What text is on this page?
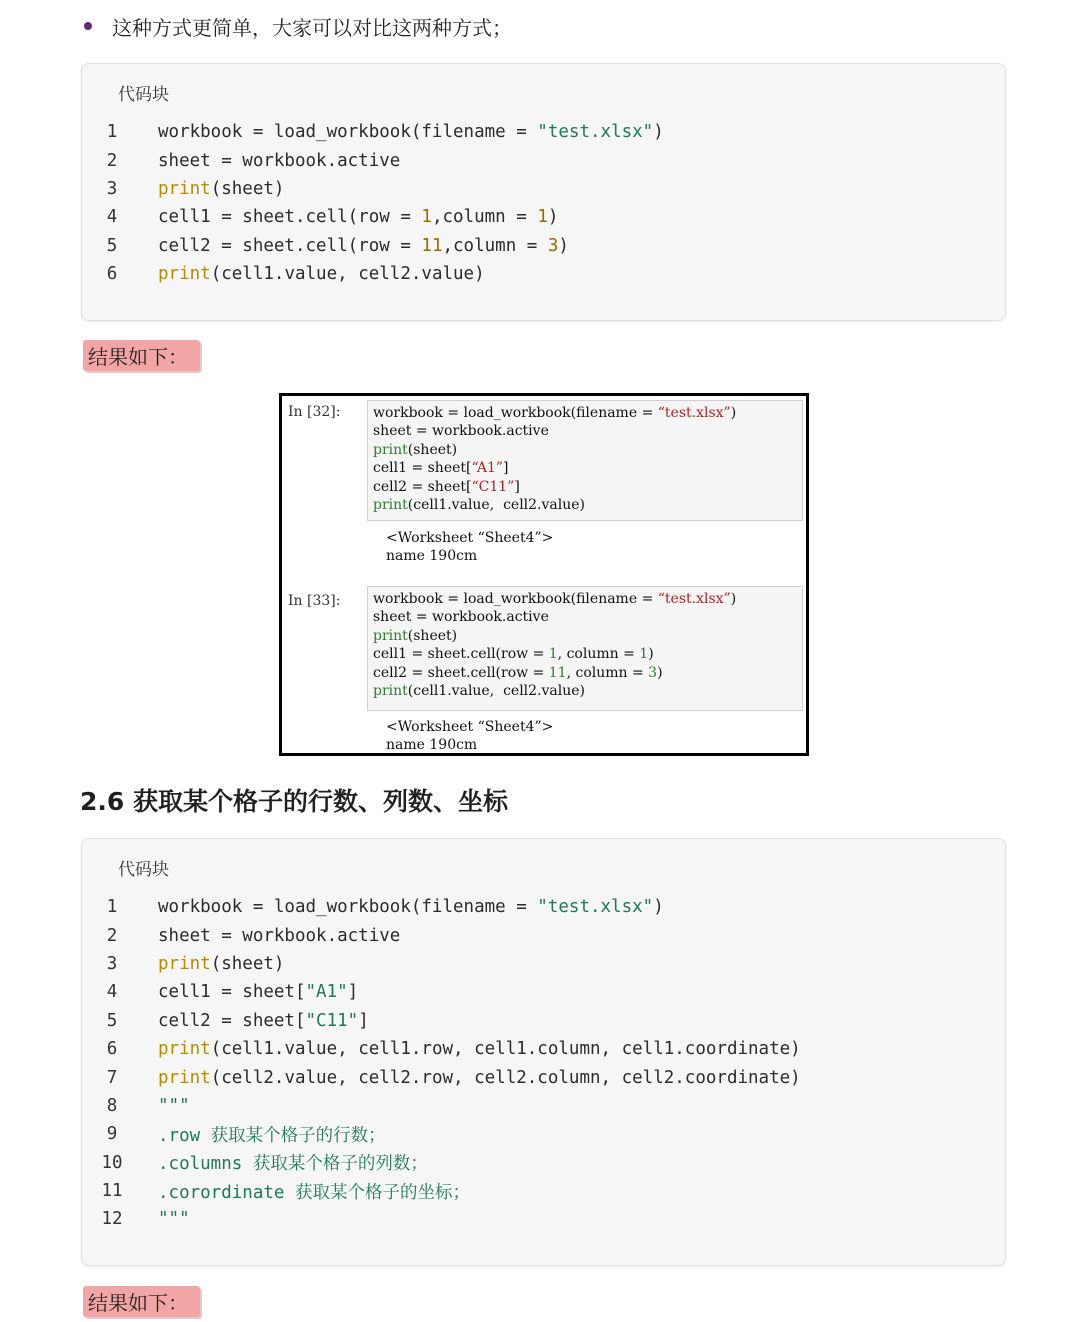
这种方式更简单，大家可以对比这两种方式；
代码块
1	workbook = load_workbook(filename = "test.xlsx")
2	sheet = workbook.active
3	print(sheet)
4	cell1 = sheet.cell(row = 1,column = 1)
5	cell2 = sheet.cell(row = 11,column = 3)
6	print(cell1.value, cell2.value)
结果如下：
In [32]: workbook = load_workbook(filename = “test.xlsx”)
sheet = workbook.active
print(sheet)
cell1 = sheet[“A1”]
cell2 = sheet[“C11”]
print(cell1.value,  cell2.value)
<Worksheet “Sheet4”>
name 190cm
In [33]: workbook = load_workbook(filename = “test.xlsx”)
sheet = workbook.active
print(sheet)
cell1 = sheet.cell(row = 1, column = 1)
cell2 = sheet.cell(row = 11, column = 3)
print(cell1.value,  cell2.value)
<Worksheet “Sheet4”>
name 190cm
2.6 获取某个格子的行数、列数、坐标
代码块
1	workbook = load_workbook(filename = "test.xlsx")
2	sheet = workbook.active
3	print(sheet)
4	cell1 = sheet["A1"]
5	cell2 = sheet["C11"]
6	print(cell1.value, cell1.row, cell1.column, cell1.coordinate)
7	print(cell2.value, cell2.row, cell2.column, cell2.coordinate)
8	"""
9	.row 获取某个格子的行数；
10	.columns 获取某个格子的列数；
11	.corordinate 获取某个格子的坐标；
12	"""
结果如下：
